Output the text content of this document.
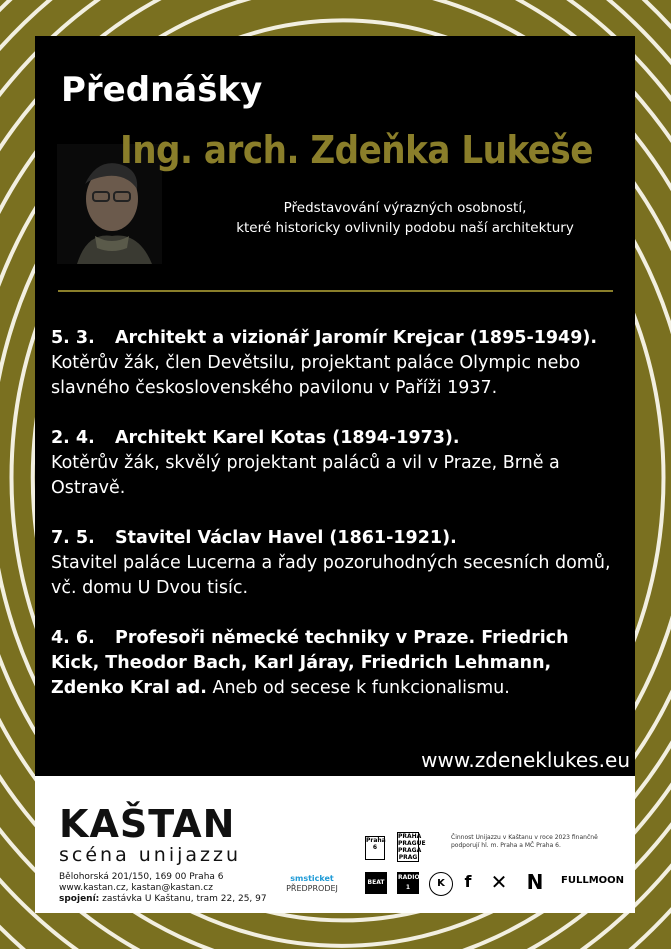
Přednášky
Ing. arch. Zdeňka Lukeše
Představování výrazných osobností,
které historicky ovlivnily podobu naší architektury
5. 3. Architekt a vizionář Jaromír Krejcar (1895-1949).
Kotěrův žák, člen Devětsilu, projektant paláce Olympic nebo slavného československého pavilonu v Paříži 1937.
2. 4. Architekt Karel Kotas (1894-1973).
Kotěrův žák, skvělý projektant paláců a vil v Praze, Brně a Ostravě.
7. 5. Stavitel Václav Havel (1861-1921).
Stavitel paláce Lucerna a řady pozoruhodných secesních domů, vč. domu U Dvou tisíc.
4. 6. Profesoři německé techniky v Praze. Friedrich Kick, Theodor Bach, Karl Járay, Friedrich Lehmann, Zdenko Kral ad. Aneb od secese k funkcionalismu.
www.zdeneklukes.eu
KAŠTAN
scéna unijazzu
Bělohorská 201/150, 169 00 Praha 6
www.kastan.cz, kastan@kastan.cz
spojení: zastávka U Kaštanu, tram 22, 25, 97
smsticket
PŘEDPRODEJ
Praha 6
PRAHA PRAGUE PRAGA PRAG
Činnost Unijazzu v Kaštanu v roce 2023 finančně podporují hl. m. Praha a MČ Praha 6.
BEAT
RADIO 1	K	f ✕ N	FULLMOON
